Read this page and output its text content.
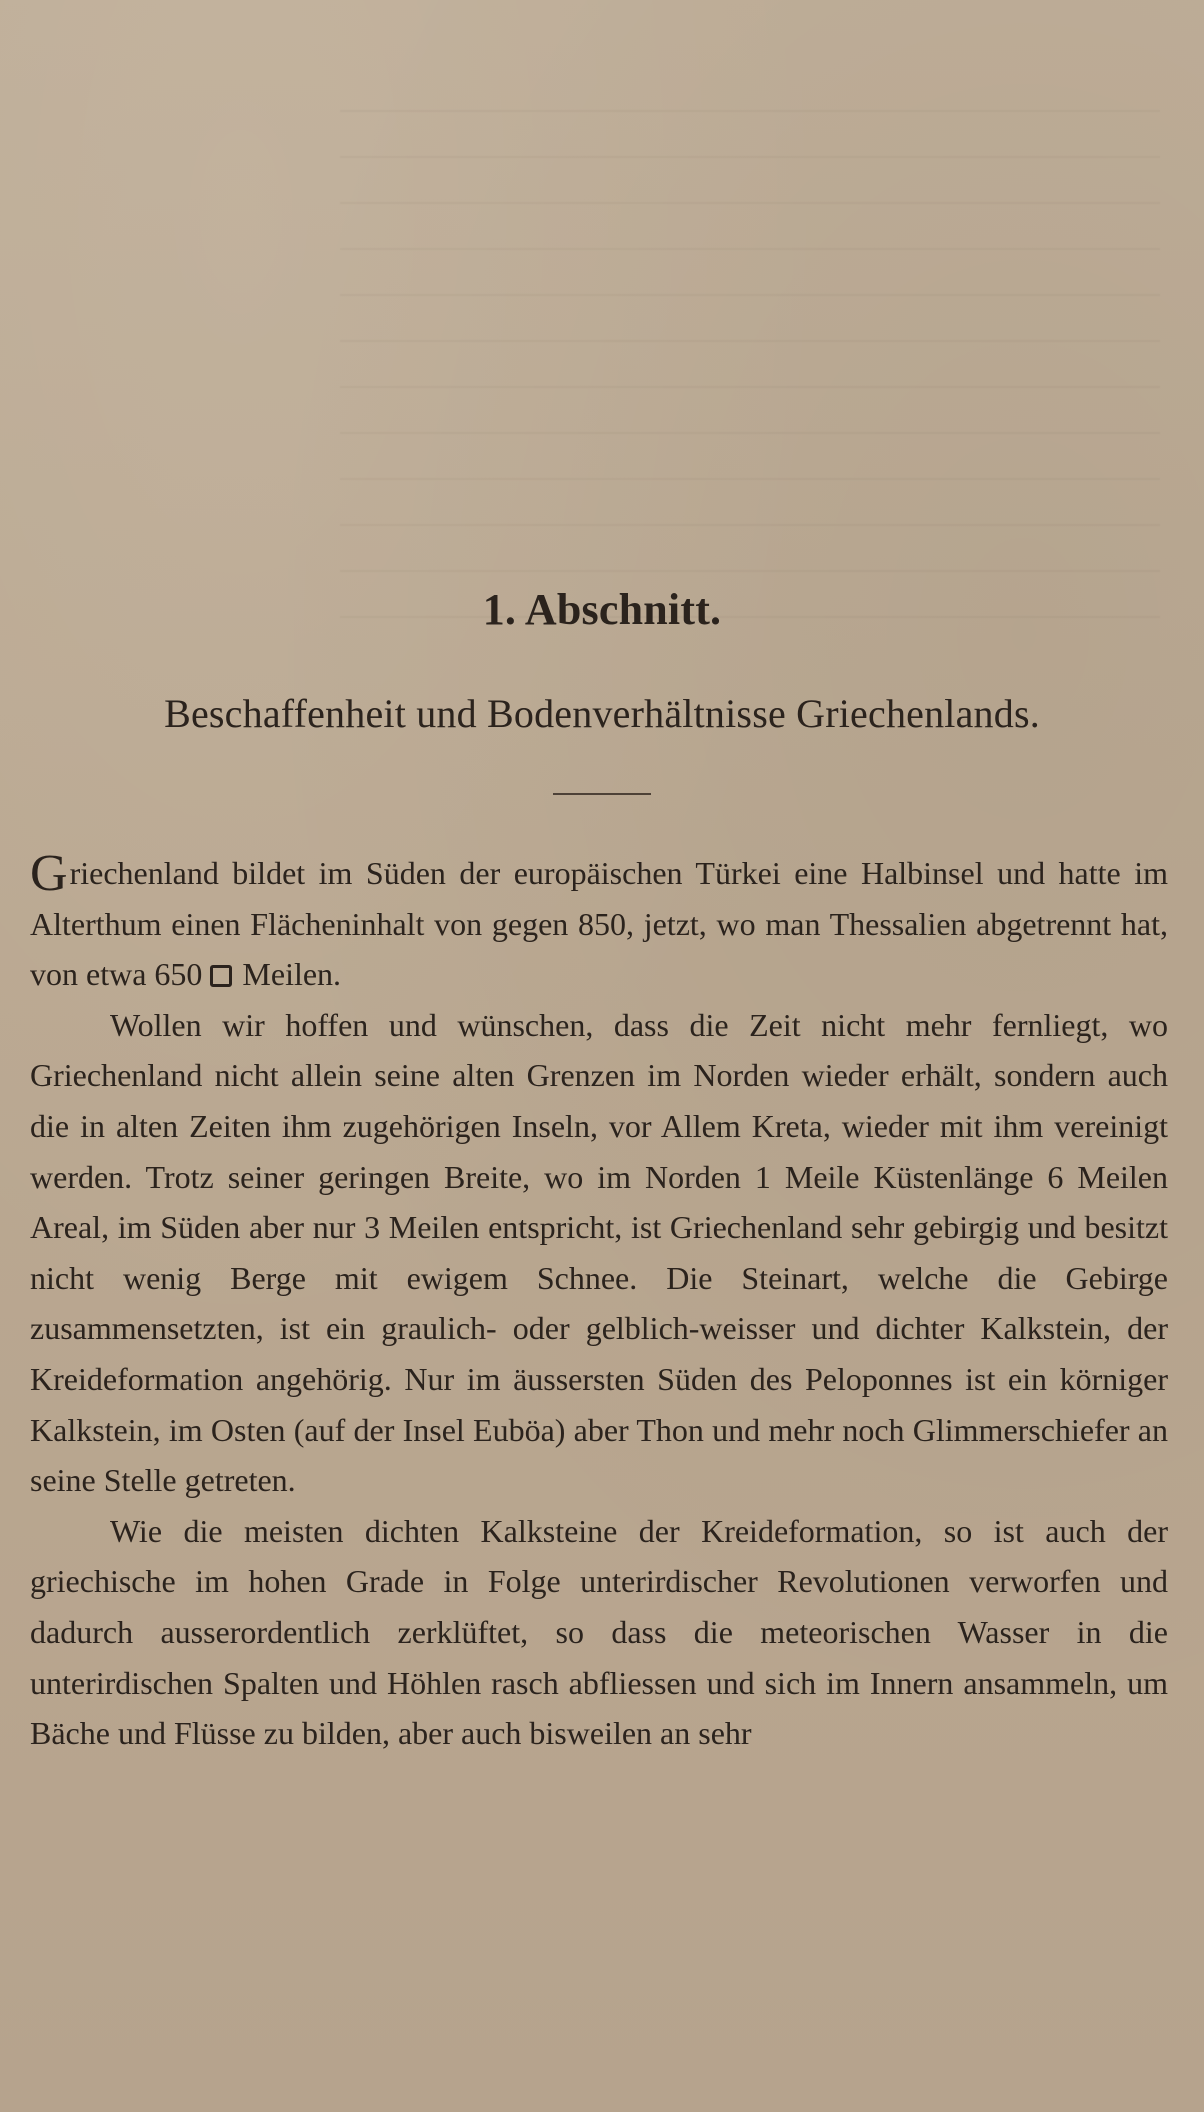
1. Abschnitt.
Beschaffenheit und Bodenverhältnisse Griechenlands.

Griechenland bildet im Süden der europäischen Türkei eine Halbinsel und hatte im Alterthum einen Flächeninhalt von gegen 850, jetzt, wo man Thessalien abgetrennt hat, von etwa 650 Meilen.

Wollen wir hoffen und wünschen, dass die Zeit nicht mehr fernliegt, wo Griechenland nicht allein seine alten Grenzen im Norden wieder erhält, sondern auch die in alten Zeiten ihm zugehörigen Inseln, vor Allem Kreta, wieder mit ihm vereinigt werden. Trotz seiner geringen Breite, wo im Norden 1 Meile Küstenlänge 6 Meilen Areal, im Süden aber nur 3 Meilen entspricht, ist Griechenland sehr gebirgig und besitzt nicht wenig Berge mit ewigem Schnee. Die Steinart, welche die Gebirge zusammensetzten, ist ein graulich- oder gelblich-weisser und dichter Kalkstein, der Kreideformation angehörig. Nur im äussersten Süden des Peloponnes ist ein körniger Kalkstein, im Osten (auf der Insel Euböa) aber Thon und mehr noch Glimmerschiefer an seine Stelle getreten.

Wie die meisten dichten Kalksteine der Kreideformation, so ist auch der griechische im hohen Grade in Folge unterirdischer Revolutionen verworfen und dadurch ausserordentlich zerklüftet, so dass die meteorischen Wasser in die unterirdischen Spalten und Höhlen rasch abfliessen und sich im Innern ansammeln, um Bäche und Flüsse zu bilden, aber auch bisweilen an sehr
